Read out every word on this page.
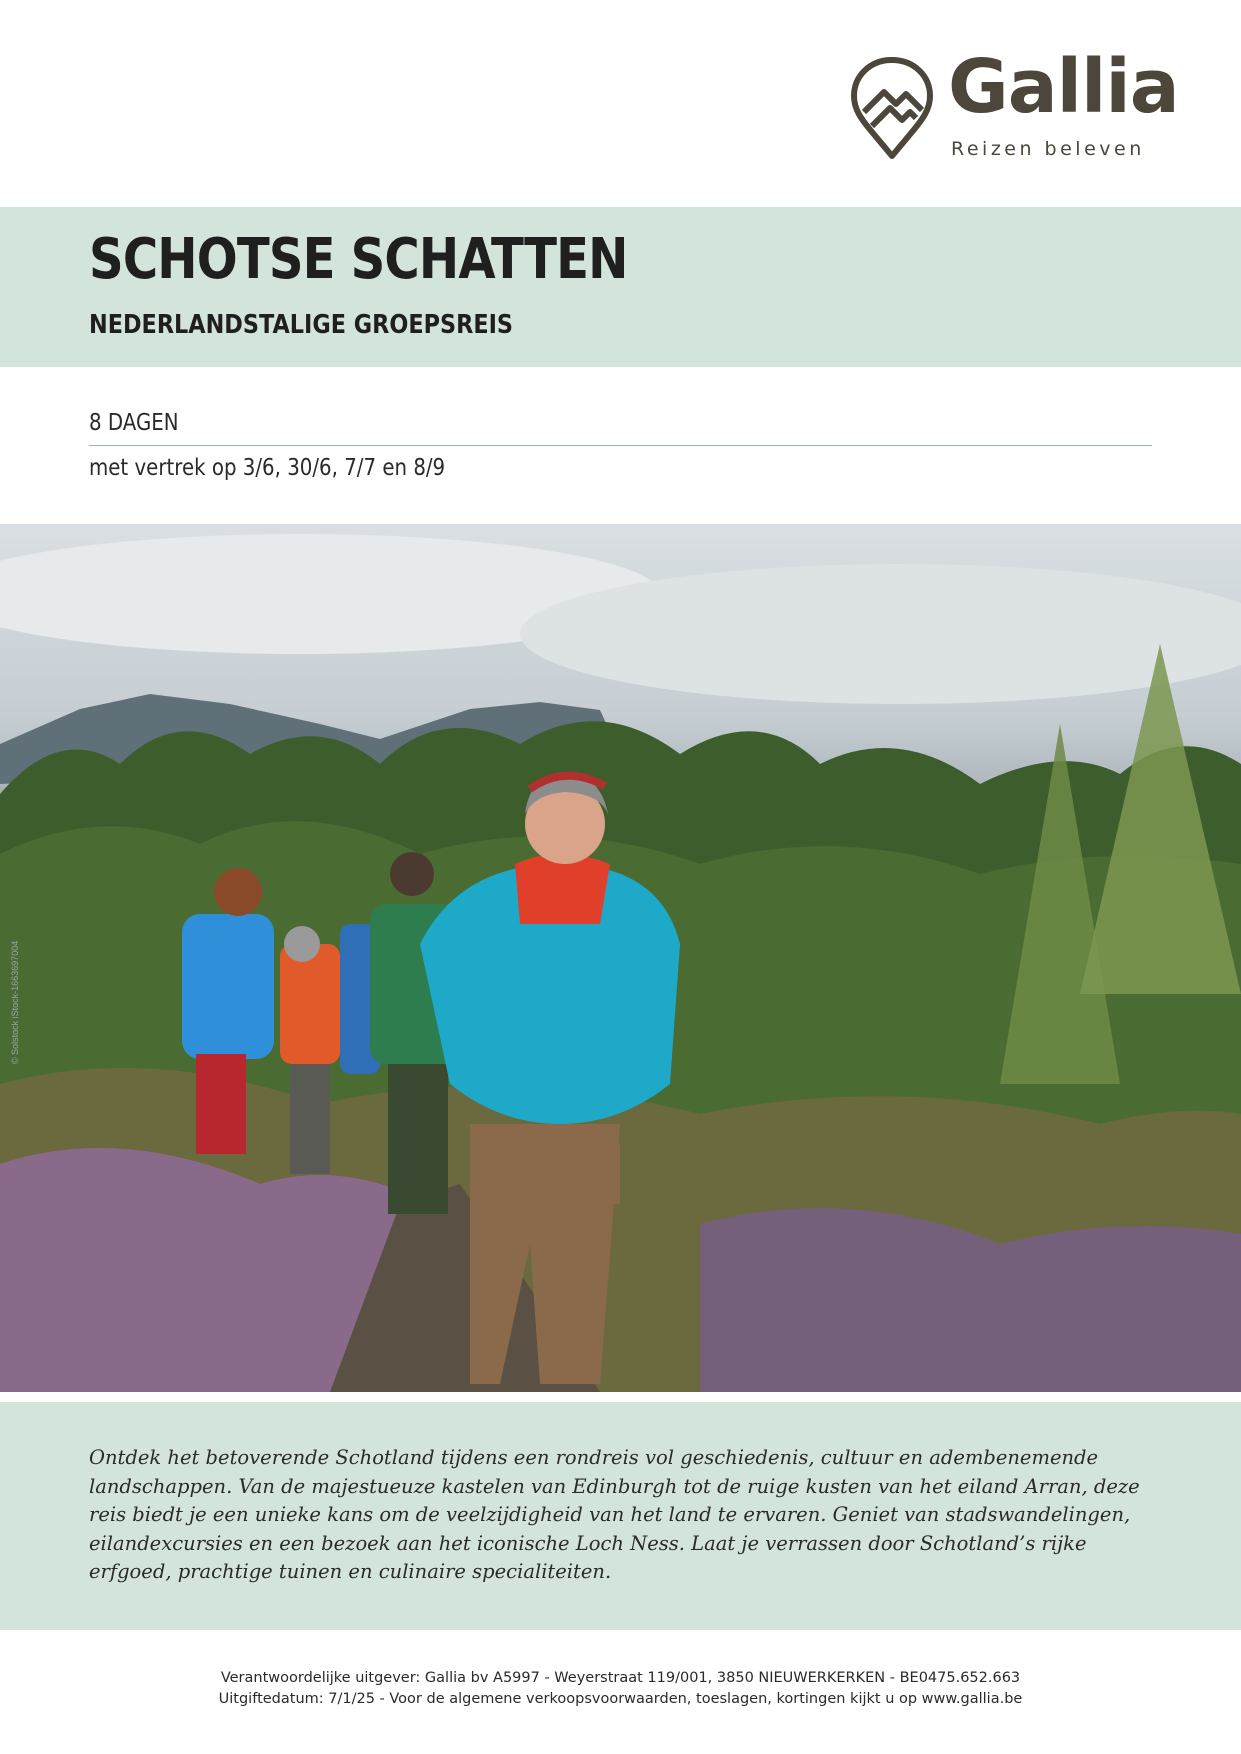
Gallia
Reizen beleven
SCHOTSE SCHATTEN
NEDERLANDSTALIGE GROEPSREIS
8 DAGEN
met vertrek op 3/6, 30/6, 7/7 en 8/9
© Solstock iStock-1663697004

Ontdek het betoverende Schotland tijdens een rondreis vol geschiedenis, cultuur en adembenemende landschappen. Van de majestueuze kastelen van Edinburgh tot de ruige kusten van het eiland Arran, deze reis biedt je een unieke kans om de veelzijdigheid van het land te ervaren. Geniet van stadswandelingen, eilandexcursies en een bezoek aan het iconische Loch Ness. Laat je verrassen door Schotland’s rijke erfgoed, prachtige tuinen en culinaire specialiteiten.

Verantwoordelijke uitgever: Gallia bv A5997 - Weyerstraat 119/001, 3850 NIEUWERKERKEN - BE0475.652.663
Uitgiftedatum: 7/1/25 - Voor de algemene verkoopsvoorwaarden, toeslagen, kortingen kijkt u op www.gallia.be
